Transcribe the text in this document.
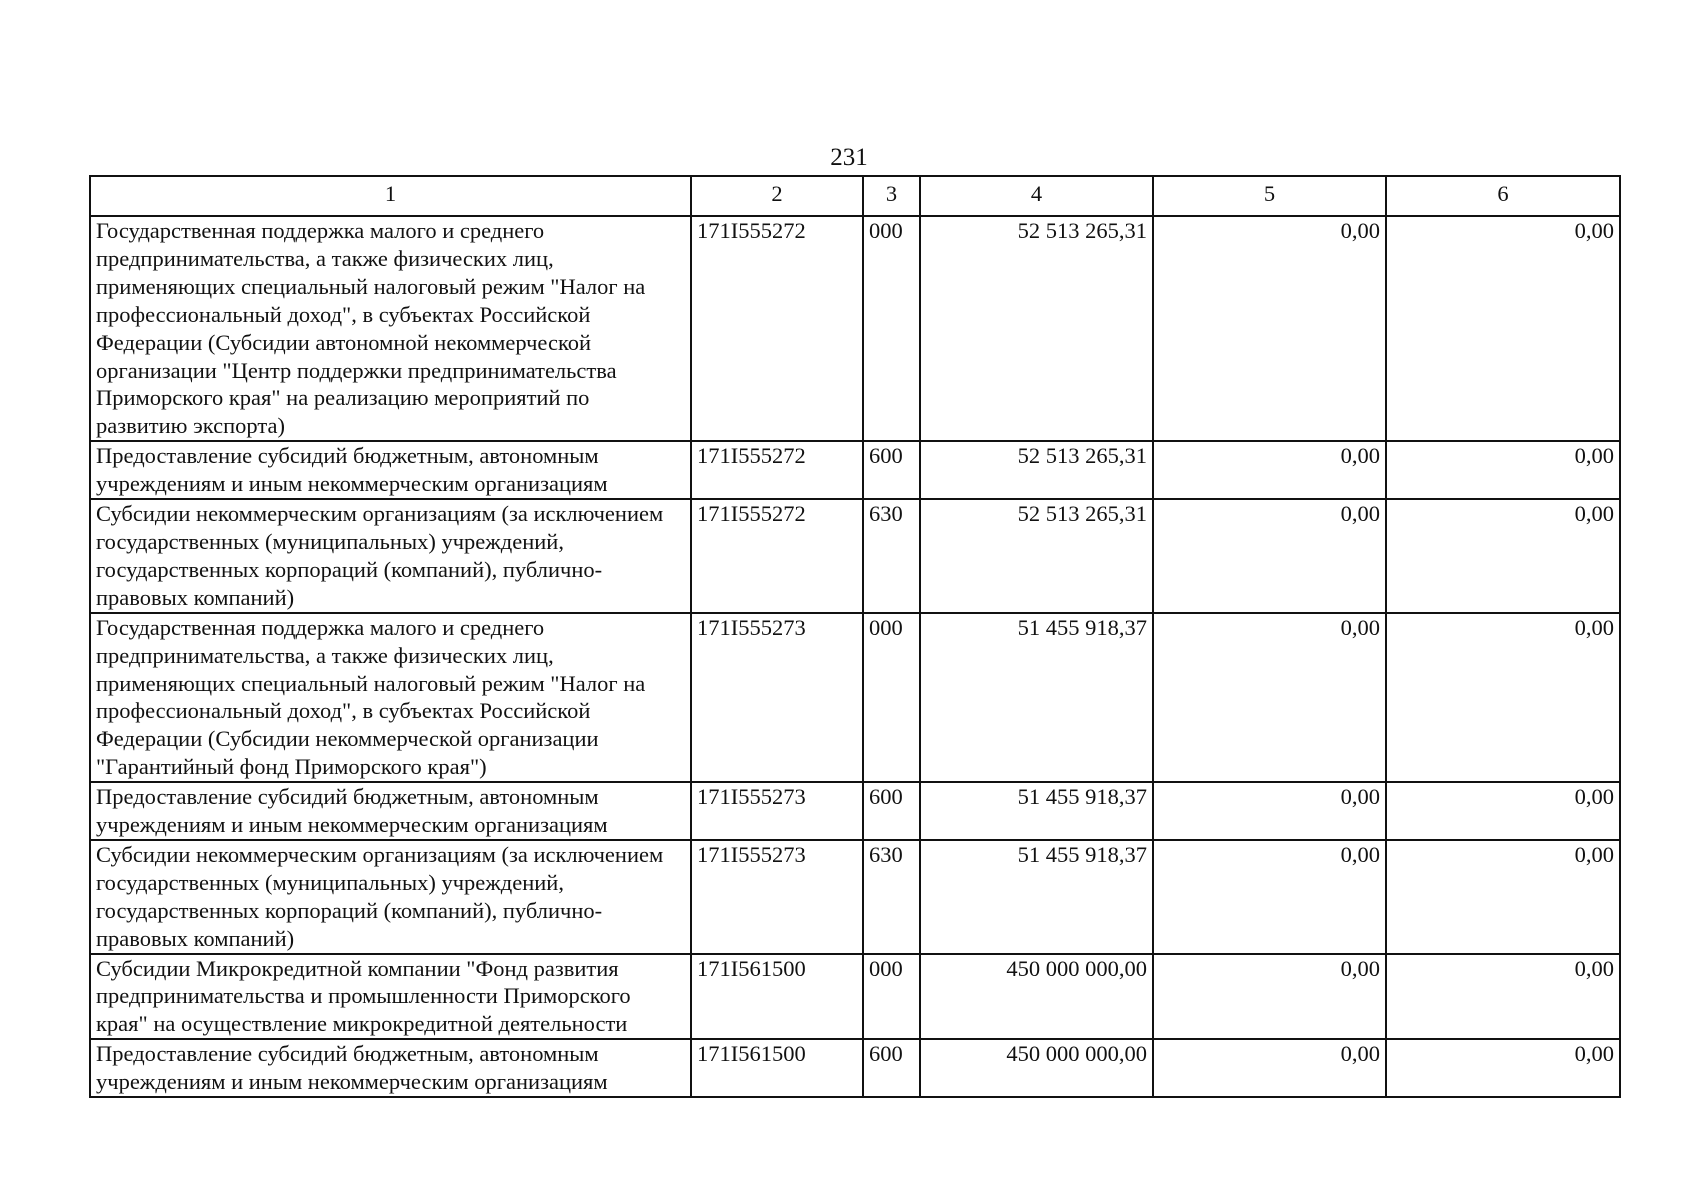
231
1	2	3	4	5	6
Государственная поддержка малого и среднего предпринимательства, а также физических лиц, применяющих специальный налоговый режим "Налог на профессиональный доход", в субъектах Российской Федерации (Субсидии автономной некоммерческой организации "Центр поддержки предпринимательства Приморского края" на реализацию мероприятий по развитию экспорта)	171I555272	000	52 513 265,31	0,00	0,00
Предоставление субсидий бюджетным, автономным учреждениям и иным некоммерческим организациям	171I555272	600	52 513 265,31	0,00	0,00
Субсидии некоммерческим организациям (за исключением государственных (муниципальных) учреждений, государственных корпораций (компаний), публично-правовых компаний)	171I555272	630	52 513 265,31	0,00	0,00
Государственная поддержка малого и среднего предпринимательства, а также физических лиц, применяющих специальный налоговый режим "Налог на профессиональный доход", в субъектах Российской Федерации (Субсидии некоммерческой организации "Гарантийный фонд Приморского края")	171I555273	000	51 455 918,37	0,00	0,00
Предоставление субсидий бюджетным, автономным учреждениям и иным некоммерческим организациям	171I555273	600	51 455 918,37	0,00	0,00
Субсидии некоммерческим организациям (за исключением государственных (муниципальных) учреждений, государственных корпораций (компаний), публично-правовых компаний)	171I555273	630	51 455 918,37	0,00	0,00
Субсидии Микрокредитной компании "Фонд развития предпринимательства и промышленности Приморского края" на осуществление микрокредитной деятельности	171I561500	000	450 000 000,00	0,00	0,00
Предоставление субсидий бюджетным, автономным учреждениям и иным некоммерческим организациям	171I561500	600	450 000 000,00	0,00	0,00
